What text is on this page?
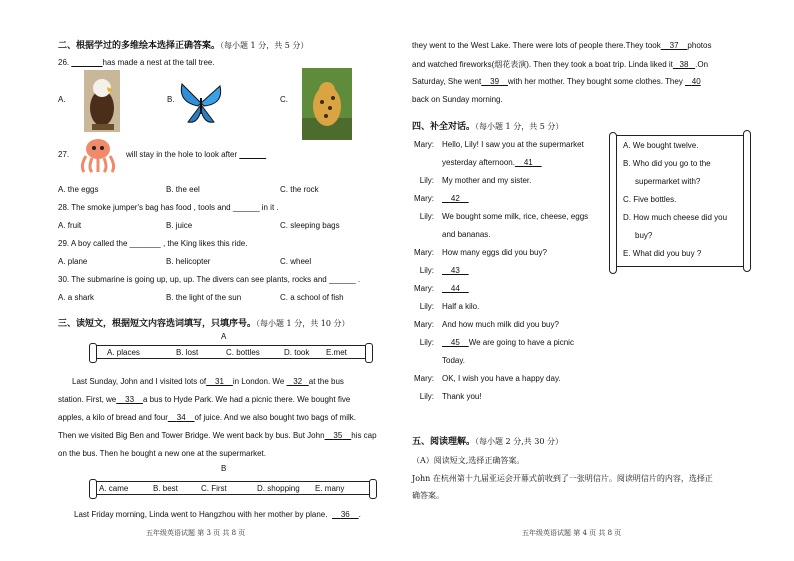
二、根据学过的多维绘本选择正确答案。（每小题 1 分，共 5 分）
26. _______has made a nest at the tall tree.
A.	B.	C.
27.	will stay in the hole to look after ______
A. the eggs	B. the eel	C. the rock
28. The smoke jumper's bag has food , tools and ______ in it .
A. fruit	B. juice	C. sleeping bags
29. A boy called the _______ , the King likes this ride.
A. plane	B. helicopter	C. wheel
30. The submarine is going up, up, up. The divers can see plants, rocks and ______ .
A. a shark	B. the light of the sun	C. a school of fish
三、读短文，根据短文内容选词填写，只填序号。（每小题 1 分，共 10 分）
A
A. places	B. lost	C. bottles	D. took E.met
Last Sunday, John and I visited lots of 31 in London. We 32 at the bus
station. First, we 33 a bus to Hyde Park. We had a picnic there. We bought five
apples, a kilo of bread and four 34 of juice. And we also bought two bags of milk.
Then we visited Big Ben and Tower Bridge. We went back by bus. But John 35 his cap
on the bus. Then he bought a new one at the supermarket.
B
A. came	B. best	C. First	D. shopping E. many
Last Friday morning, Linda went to Hangzhou with her mother by plane. 36 .
五年级英语试题 第 3 页 共 8 页
they went to the West Lake. There were lots of people there.They took 37 photos
and watched fireworks(烟花表演). Then they took a boat trip. Linda liked it 38 .On
Saturday, She went 39 with her mother. They bought some clothes. They 40
back on Sunday morning.
四、补全对话。（每小题 1 分，共 5 分）
Mary: Hello, Lily! I saw you at the supermarket
yesterday afternoon. 41
Lily: My mother and my sister.
Mary:	42
Lily: We bought some milk, rice, cheese, eggs
and bananas.
Mary: How many eggs did you buy?
Lily:	43
Mary:	44
Lily: Half a kilo.
Mary: And how much milk did you buy?
Lily:	45 We are going to have a picnic
Today.
Mary: OK, I wish you have a happy day.
Lily: Thank you!
A. We bought twelve.
B. Who did you go to the
supermarket with?
C. Five bottles.
D. How much cheese did you
buy?
E. What did you buy ?
五、阅读理解。（每小题 2 分,共 30 分）
（A）阅读短文,选择正确答案。
John 在杭州第十九届亚运会开幕式前收到了一张明信片。阅读明信片的内容，选择正
确答案。
五年级英语试题 第 4 页 共 8 页
